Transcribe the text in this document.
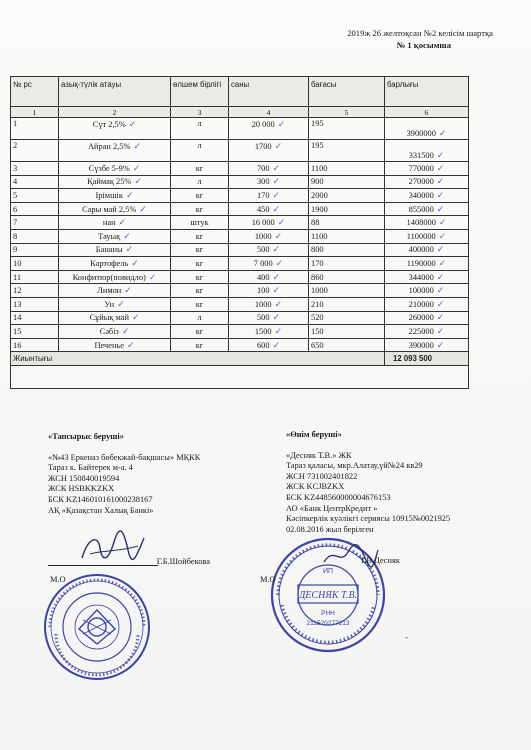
2019ж 26 желтоқсан №2 келісім шартқа
№ 1 қосымша
№ рс	азық-түлік атауы	өлшем бірлігі	саны	бағасы	барлығы
1	2	3	4	5	6
1	Сүт 2,5% ✓	л	20 000 ✓	195	3900000 ✓
2	Айран 2,5% ✓	л	1700 ✓	195	331500 ✓
3	Сүзбе 5-9% ✓	кг	700 ✓	1100	770000 ✓
4	Қаймақ 25% ✓	л	300 ✓	900	270000 ✓
5	Ірімшік ✓	кг	170 ✓	2000	340000 ✓
6	Сары май 2,5% ✓	кг	450 ✓	1900	855000 ✓
7	нан ✓	штук	16 000 ✓	88	1408000 ✓
8	Тауық ✓	кг	1000 ✓	1100	1100000 ✓
9	Бананы ✓	кг	500 ✓	800	400000 ✓
10	Картофель ✓	кг	7 000 ✓	170	1190000 ✓
11	Конфитюр(повидло) ✓	кг	400 ✓	860	344000 ✓
12	Лимон ✓	кг	100 ✓	1000	100000 ✓
13	Ун ✓	кг	1000 ✓	210	210000 ✓
14	Сұйық май ✓	л	500 ✓	520	260000 ✓
15	Сәбіз ✓	кг	1500 ✓	150	225000 ✓
16	Печенье ✓	кг	600 ✓	650	390000 ✓
Жиынтығы					12 093 500

«Тапсырыс беруші»
«№43 Еркеназ бөбекжай-бақшасы» МҚКК
Тараз к. Байтерек м-а. 4
ЖСН 150840019594
ЖСК HSBKKZKX
БСК KZ146010161000238167
АҚ «Қазақстан Халық Банкі»
«Өнім беруші»
«Десняк Т.В.» ЖК
Тараз қаласы, мкр.Алатау,үй№24 кв29
ЖСН 731002401822
ЖСК KCJBZKX
БСК KZ448560000004676153
АО «Банк ЦентрКредит »
Кәсіпкерлік куәлікгі сериясы 10915№0021925
02.08.2016 жыл берілген
ИП
ДЕСНЯК Т.В.
РНН
211520277213
Г.Б.Шойбекова	Т.В.Десняк
М.О	М.О
-
